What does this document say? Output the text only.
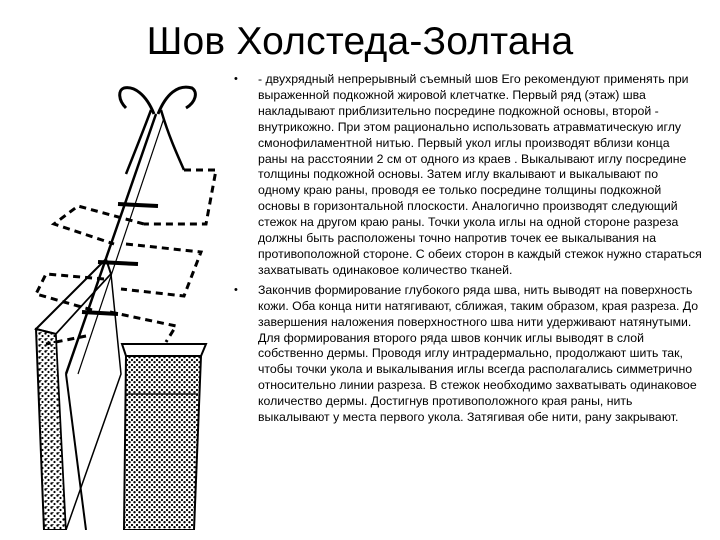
Шов Холстеда-Золтана
• - двухрядный непрерывный съемный шов Его рекомендуют применять при выраженной подкожной жировой клетчатке. Первый ряд (этаж) шва накладывают приблизительно посредине подкожной основы, второй - внутрикожно. При этом рационально использовать атравматическую иглу смонофиламентной нитью. Первый укол иглы производят вблизи конца раны на расстоянии 2 см от одного из краев . Выкалывают иглу посредине толщины подкожной основы. Затем иглу вкалывают и выкалывают по одному краю раны, проводя ее только посредине толщины подкожной основы в горизонтальной плоскости. Аналогично производят следующий стежок на другом краю раны. Точки укола иглы на одной стороне разреза должны быть расположены точно напротив точек ее выкалывания на противоположной стороне. С обеих сторон в каждый стежок нужно стараться захватывать одинаковое количество тканей.
• Закончив формирование глубокого ряда шва, нить выводят на поверхность кожи. Оба конца нити натягивают, сближая, таким образом, края разреза. До завершения наложения поверхностного шва нити удерживают натянутыми. Для формирования второго ряда швов кончик иглы выводят в слой собственно дермы. Проводя иглу интрадермально, продолжают шить так, чтобы точки укола и выкалывания иглы всегда располагались симметрично относительно линии разреза. В стежок необходимо захватывать одинаковое количество дермы. Достигнув противоположного края раны, нить выкалывают у места первого укола. Затягивая обе нити, рану закрывают.
